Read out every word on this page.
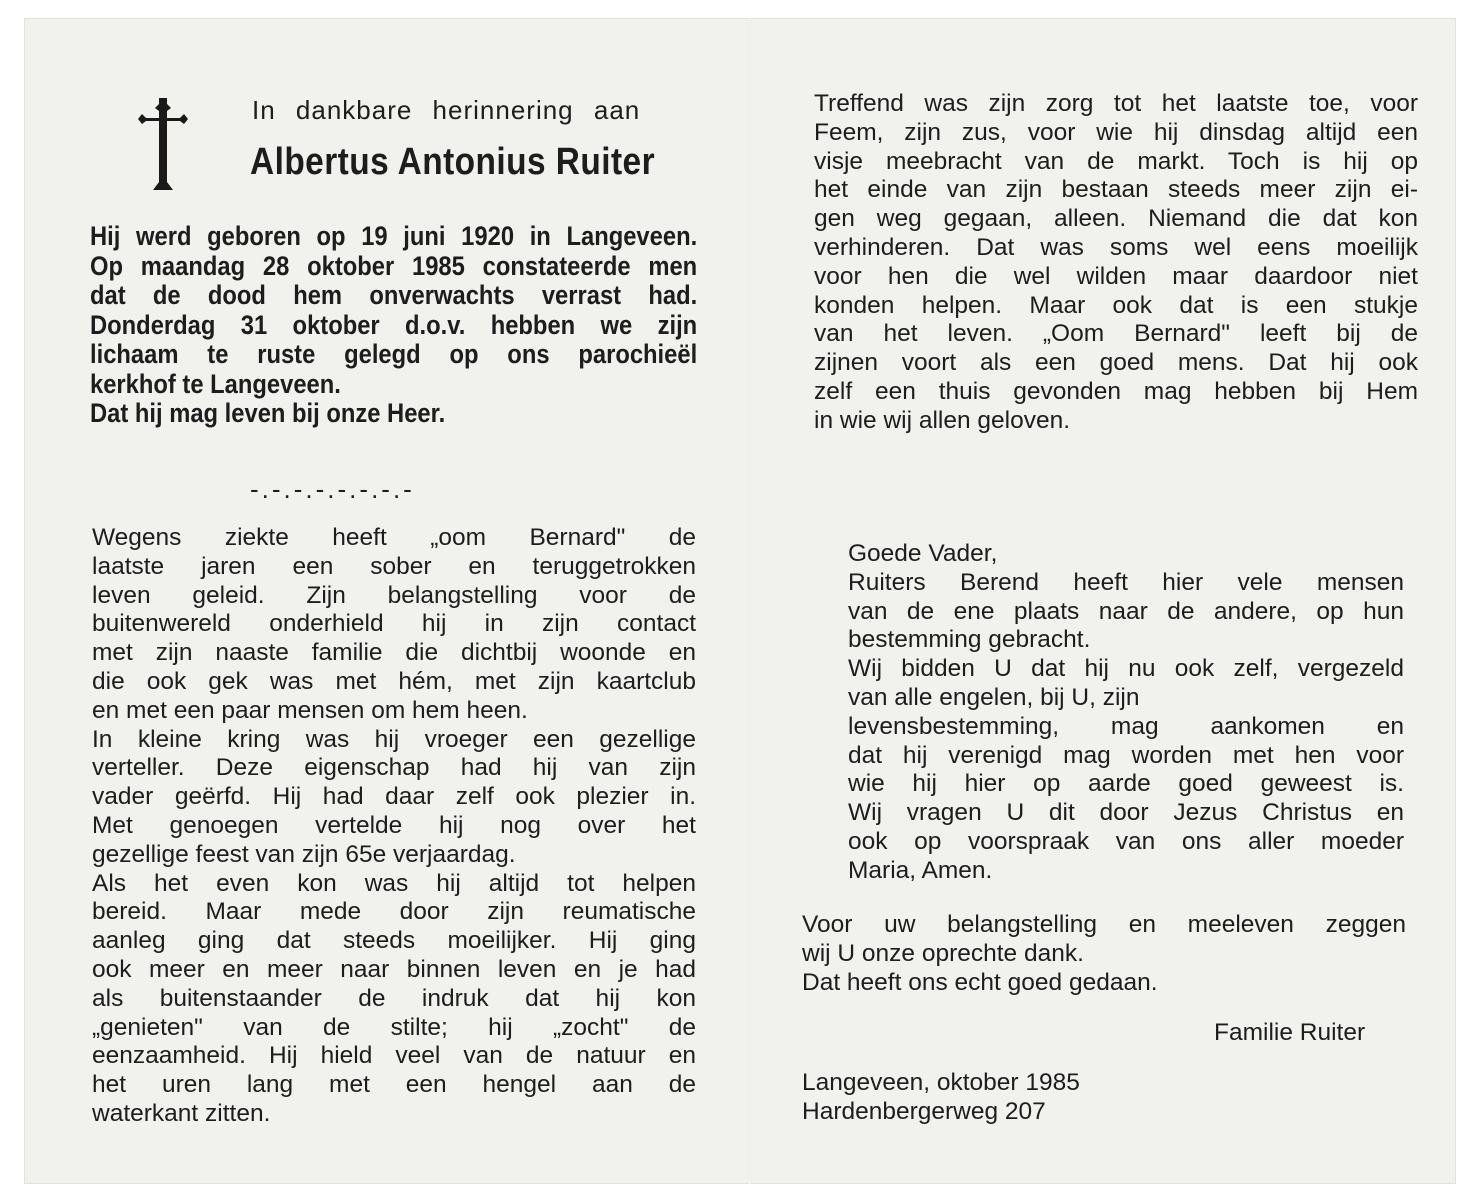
In dankbare herinnering aan
Albertus Antonius Ruiter
Hij werd geboren op 19 juni 1920 in Langeveen.
Op maandag 28 oktober 1985 constateerde men
dat de dood hem onverwachts verrast had.
Donderdag 31 oktober d.o.v. hebben we zijn
lichaam te ruste gelegd op ons parochieël
kerkhof te Langeveen.
Dat hij mag leven bij onze Heer.
-.-.-.-.-.-.-.-
Wegens ziekte heeft „oom Bernard" de
laatste jaren een sober en teruggetrokken
leven geleid. Zijn belangstelling voor de
buitenwereld onderhield hij in zijn contact
met zijn naaste familie die dichtbij woonde en
die ook gek was met hém, met zijn kaartclub
en met een paar mensen om hem heen.
In kleine kring was hij vroeger een gezellige
verteller. Deze eigenschap had hij van zijn
vader geërfd. Hij had daar zelf ook plezier in.
Met genoegen vertelde hij nog over het
gezellige feest van zijn 65e verjaardag.
Als het even kon was hij altijd tot helpen
bereid. Maar mede door zijn reumatische
aanleg ging dat steeds moeilijker. Hij ging
ook meer en meer naar binnen leven en je had
als buitenstaander de indruk dat hij kon
„genieten" van de stilte; hij „zocht" de
eenzaamheid. Hij hield veel van de natuur en
het uren lang met een hengel aan de
waterkant zitten.
Treffend was zijn zorg tot het laatste toe, voor
Feem, zijn zus, voor wie hij dinsdag altijd een
visje meebracht van de markt. Toch is hij op
het einde van zijn bestaan steeds meer zijn ei-
gen weg gegaan, alleen. Niemand die dat kon
verhinderen. Dat was soms wel eens moeilijk
voor hen die wel wilden maar daardoor niet
konden helpen. Maar ook dat is een stukje
van het leven. „Oom Bernard" leeft bij de
zijnen voort als een goed mens. Dat hij ook
zelf een thuis gevonden mag hebben bij Hem
in wie wij allen geloven.
Goede Vader,
Ruiters Berend heeft hier vele mensen
van de ene plaats naar de andere, op hun
bestemming gebracht.
Wij bidden U dat hij nu ook zelf, vergezeld
van alle engelen, bij U, zijn
levensbestemming, mag aankomen en
dat hij verenigd mag worden met hen voor
wie hij hier op aarde goed geweest is.
Wij vragen U dit door Jezus Christus en
ook op voorspraak van ons aller moeder
Maria, Amen.
Voor uw belangstelling en meeleven zeggen
wij U onze oprechte dank.
Dat heeft ons echt goed gedaan.
Familie Ruiter
Langeveen, oktober 1985
Hardenbergerweg 207
